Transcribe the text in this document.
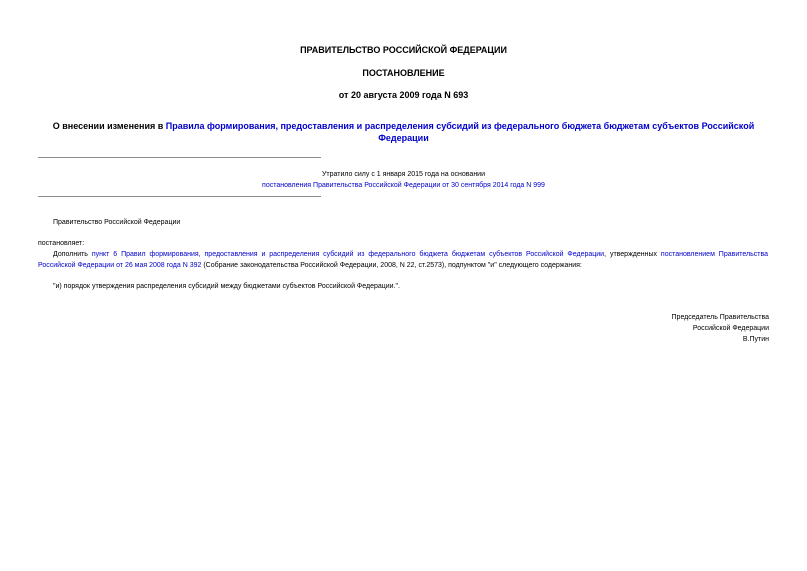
ПРАВИТЕЛЬСТВО РОССИЙСКОЙ ФЕДЕРАЦИИ
ПОСТАНОВЛЕНИЕ
от 20 августа 2009 года N 693
О внесении изменения в Правила формирования, предоставления и распределения субсидий из федерального бюджета бюджетам субъектов Российской Федерации
Утратило силу с 1 января 2015 года на основании
постановления Правительства Российской Федерации от 30 сентября 2014 года N 999
Правительство Российской Федерации
постановляет:
Дополнить пункт 6 Правил формирования, предоставления и распределения субсидий из федерального бюджета бюджетам субъектов Российской Федерации, утвержденных постановлением Правительства Российской Федерации от 26 мая 2008 года N 392 (Собрание законодательства Российской Федерации, 2008, N 22, ст.2573), подпунктом "и" следующего содержания:
"и) порядок утверждения распределения субсидий между бюджетами субъектов Российской Федерации.".
Председатель Правительства
Российской Федерации
В.Путин
